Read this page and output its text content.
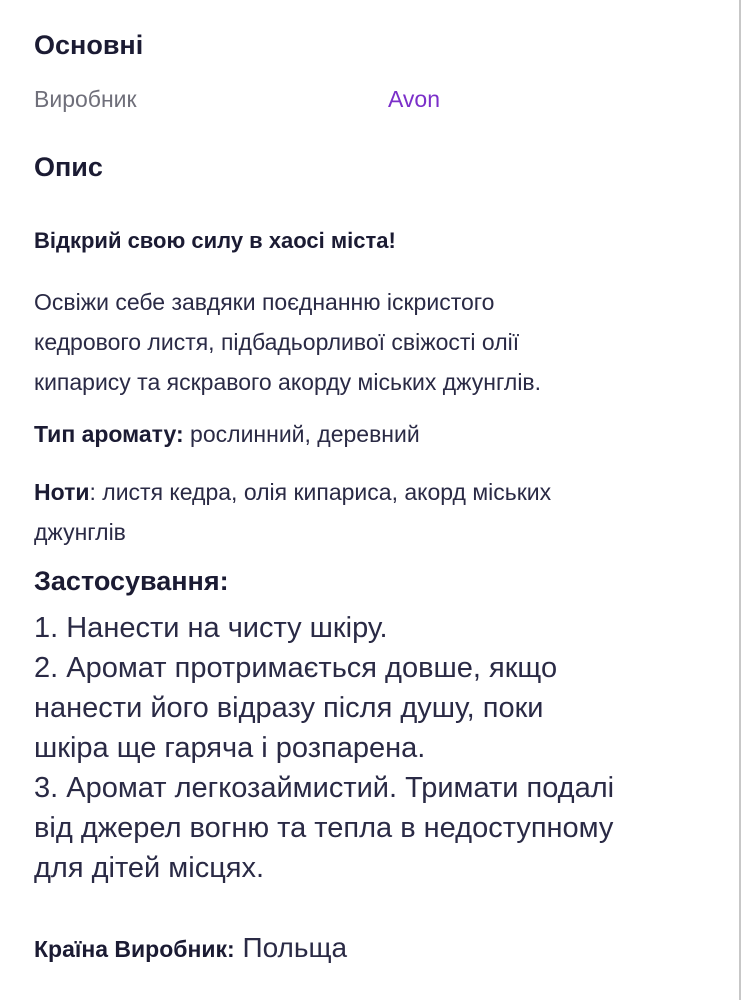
Основні
Виробник	Avon
Опис
Відкрий свою силу в хаосі міста!
Освіжи себе завдяки поєднанню іскристого
кедрового листя, підбадьорливої свіжості олії
кипарису та яскравого акорду міських джунглів.
Тип аромату: рослинний, деревний
Ноти: листя кедра, олія кипариса, акорд міських
джунглів
Застосування:
1. Нанести на чисту шкіру.
2. Аромат протримається довше, якщо
нанести його відразу після душу, поки
шкіра ще гаряча і розпарена.
3. Аромат легкозаймистий. Тримати подалі
від джерел вогню та тепла в недоступному
для дітей місцях.
Країна Виробник: Польща
